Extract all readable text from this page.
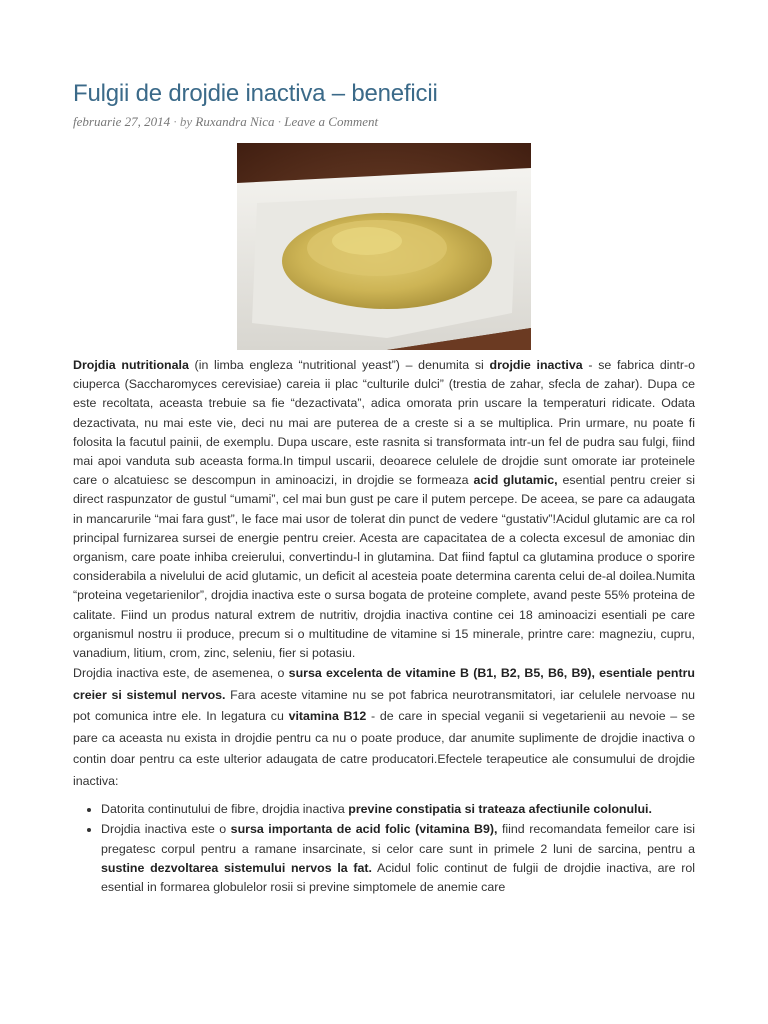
Fulgii de drojdie inactiva – beneficii
februarie 27, 2014 · by Ruxandra Nica · Leave a Comment

Drojdia nutritionala (in limba engleza “nutritional yeast”) – denumita si drojdie inactiva - se fabrica dintr-o ciuperca (Saccharomyces cerevisiae) careia ii plac “culturile dulci” (trestia de zahar, sfecla de zahar). Dupa ce este recoltata, aceasta trebuie sa fie “dezactivata”, adica omorata prin uscare la temperaturi ridicate. Odata dezactivata, nu mai este vie, deci nu mai are puterea de a creste si a se multiplica. Prin urmare, nu poate fi folosita la facutul painii, de exemplu. Dupa uscare, este rasnita si transformata intr-un fel de pudra sau fulgi, fiind mai apoi vanduta sub aceasta forma.In timpul uscarii, deoarece celulele de drojdie sunt omorate iar proteinele care o alcatuiesc se descompun in aminoacizi, in drojdie se formeaza acid glutamic, esential pentru creier si direct raspunzator de gustul “umami”, cel mai bun gust pe care il putem percepe. De aceea, se pare ca adaugata in mancarurile “mai fara gust”, le face mai usor de tolerat din punct de vedere “gustativ”!Acidul glutamic are ca rol principal furnizarea sursei de energie pentru creier. Acesta are capacitatea de a colecta excesul de amoniac din organism, care poate inhiba creierului, convertindu-l in glutamina. Dat fiind faptul ca glutamina produce o sporire considerabila a nivelului de acid glutamic, un deficit al acesteia poate determina carenta celui de-al doilea.Numita “proteina vegetarienilor”, drojdia inactiva este o sursa bogata de proteine complete, avand peste 55% proteina de calitate. Fiind un produs natural extrem de nutritiv, drojdia inactiva contine cei 18 aminoacizi esentiali pe care organismul nostru ii produce, precum si o multitudine de vitamine si 15 minerale, printre care: magneziu, cupru, vanadium, litium, crom, zinc, seleniu, fier si potasiu.

Drojdia inactiva este, de asemenea, o sursa excelenta de vitamine B (B1, B2, B5, B6, B9), esentiale pentru creier si sistemul nervos. Fara aceste vitamine nu se pot fabrica neurotransmitatori, iar celulele nervoase nu pot comunica intre ele. In legatura cu vitamina B12 - de care in special veganii si vegetarienii au nevoie – se pare ca aceasta nu exista in drojdie pentru ca nu o poate produce, dar anumite suplimente de drojdie inactiva o contin doar pentru ca este ulterior adaugata de catre producatori.Efectele terapeutice ale consumului de drojdie inactiva:

• Datorita continutului de fibre, drojdia inactiva previne constipatia si trateaza afectiunile colonului.
• Drojdia inactiva este o sursa importanta de acid folic (vitamina B9), fiind recomandata femeilor care isi pregatesc corpul pentru a ramane insarcinate, si celor care sunt in primele 2 luni de sarcina, pentru a sustine dezvoltarea sistemului nervos la fat. Acidul folic continut de fulgii de drojdie inactiva, are rol esential in formarea globulelor rosii si previne simptomele de anemie care
